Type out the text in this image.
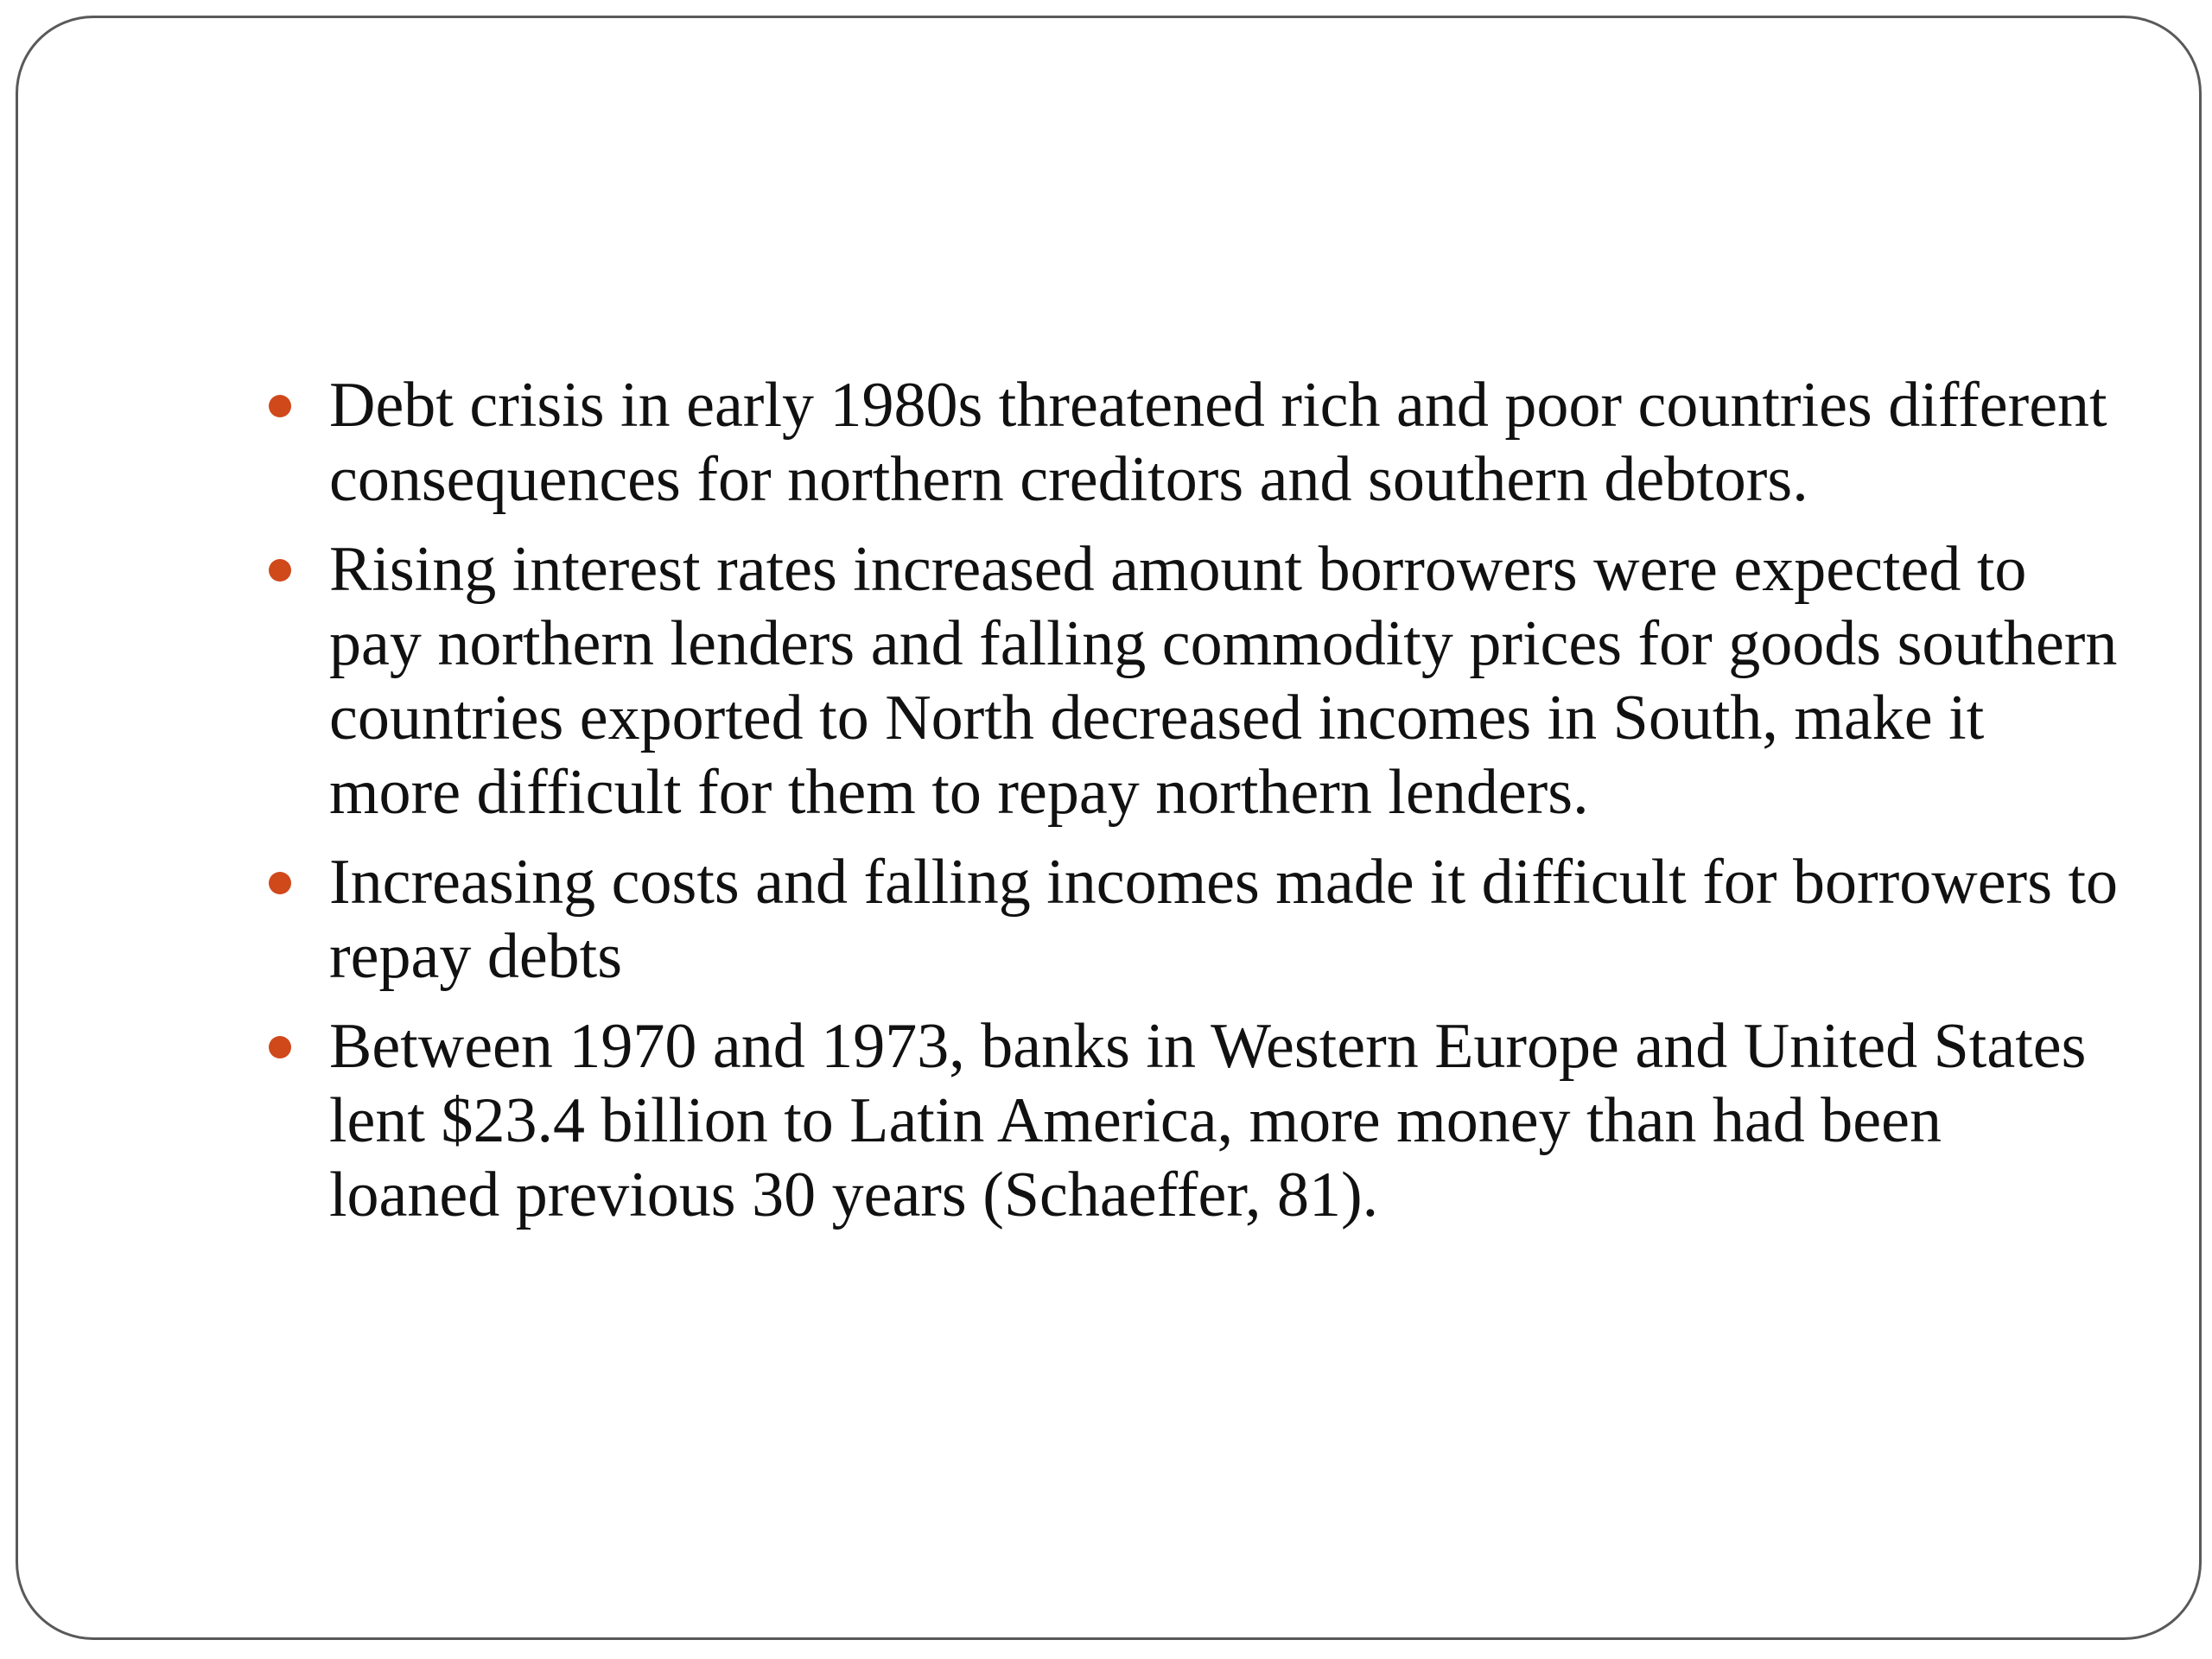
Debt crisis in early 1980s threatened rich and poor countries different consequences for northern creditors and southern debtors.
Rising interest rates increased amount borrowers were expected to pay northern lenders and falling commodity prices for goods southern countries exported to North decreased incomes in South, make it more difficult for them to repay northern lenders.
Increasing costs and falling incomes made it difficult for borrowers to repay debts
Between 1970 and 1973, banks in Western Europe and United States lent $23.4 billion to Latin America, more money than had been loaned previous 30 years (Schaeffer, 81).
